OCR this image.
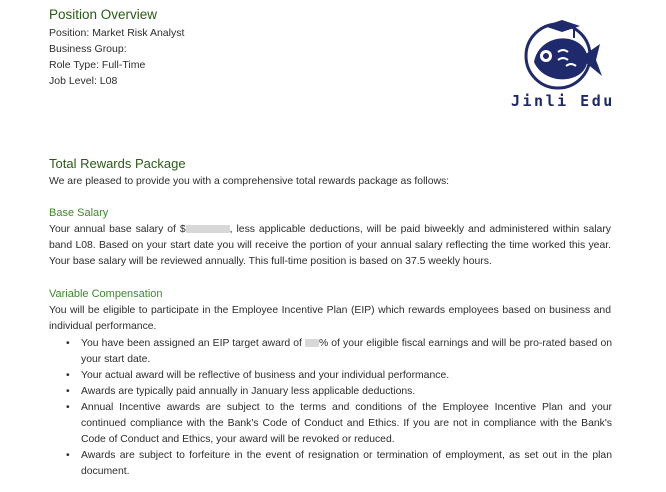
Position Overview
Position: Market Risk Analyst
Business Group:
Role Type: Full-Time
Job Level: L08
Jinli Edu
Total Rewards Package
We are pleased to provide you with a comprehensive total rewards package as follows:
Base Salary
Your annual base salary of $	, less applicable deductions, will be paid biweekly and administered within salary band L08. Based on your start date you will receive the portion of your annual salary reflecting the time worked this year. Your base salary will be reviewed annually. This full-time position is based on 37.5 weekly hours.
Variable Compensation
You will be eligible to participate in the Employee Incentive Plan (EIP) which rewards employees based on business and individual performance.
• You have been assigned an EIP target award of % of your eligible fiscal earnings and will be pro-rated based on your start date.
• Your actual award will be reflective of business and your individual performance.
• Awards are typically paid annually in January less applicable deductions.
• Annual Incentive awards are subject to the terms and conditions of the Employee Incentive Plan and your continued compliance with the Bank's Code of Conduct and Ethics. If you are not in compliance with the Bank's Code of Conduct and Ethics, your award will be revoked or reduced.
• Awards are subject to forfeiture in the event of resignation or termination of employment, as set out in the plan document.
